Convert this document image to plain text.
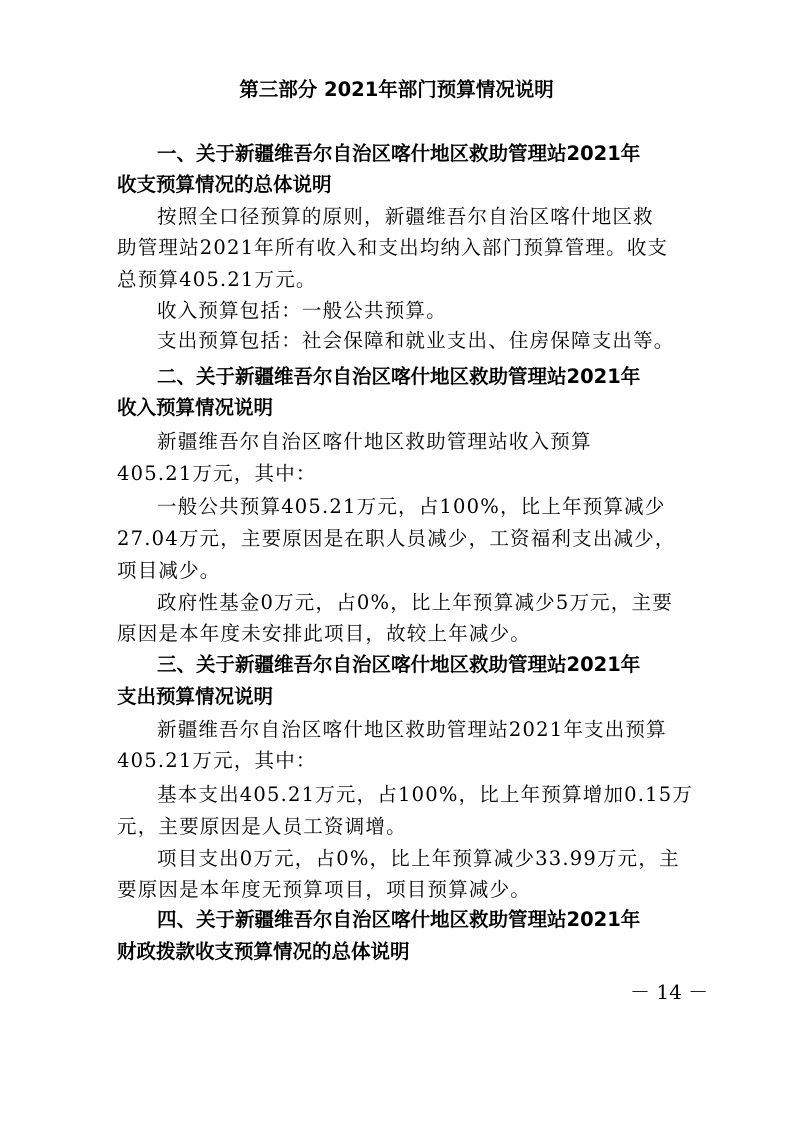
第三部分 2021年部门预算情况说明
一、关于新疆维吾尔自治区喀什地区救助管理站2021年
收支预算情况的总体说明
按照全口径预算的原则，新疆维吾尔自治区喀什地区救
助管理站2021年所有收入和支出均纳入部门预算管理。收支
总预算405.21万元。
收入预算包括：一般公共预算。
支出预算包括：社会保障和就业支出、住房保障支出等。
二、关于新疆维吾尔自治区喀什地区救助管理站2021年
收入预算情况说明
新疆维吾尔自治区喀什地区救助管理站收入预算
405.21万元，其中：
一般公共预算405.21万元，占100%，比上年预算减少
27.04万元，主要原因是在职人员减少，工资福利支出减少，
项目减少。
政府性基金0万元，占0%，比上年预算减少5万元，主要
原因是本年度未安排此项目，故较上年减少。
三、关于新疆维吾尔自治区喀什地区救助管理站2021年
支出预算情况说明
新疆维吾尔自治区喀什地区救助管理站2021年支出预算
405.21万元，其中：
基本支出405.21万元，占100%，比上年预算增加0.15万
元，主要原因是人员工资调增。
项目支出0万元，占0%，比上年预算减少33.99万元，主
要原因是本年度无预算项目，项目预算减少。
四、关于新疆维吾尔自治区喀什地区救助管理站2021年
财政拨款收支预算情况的总体说明
－ 14 －
